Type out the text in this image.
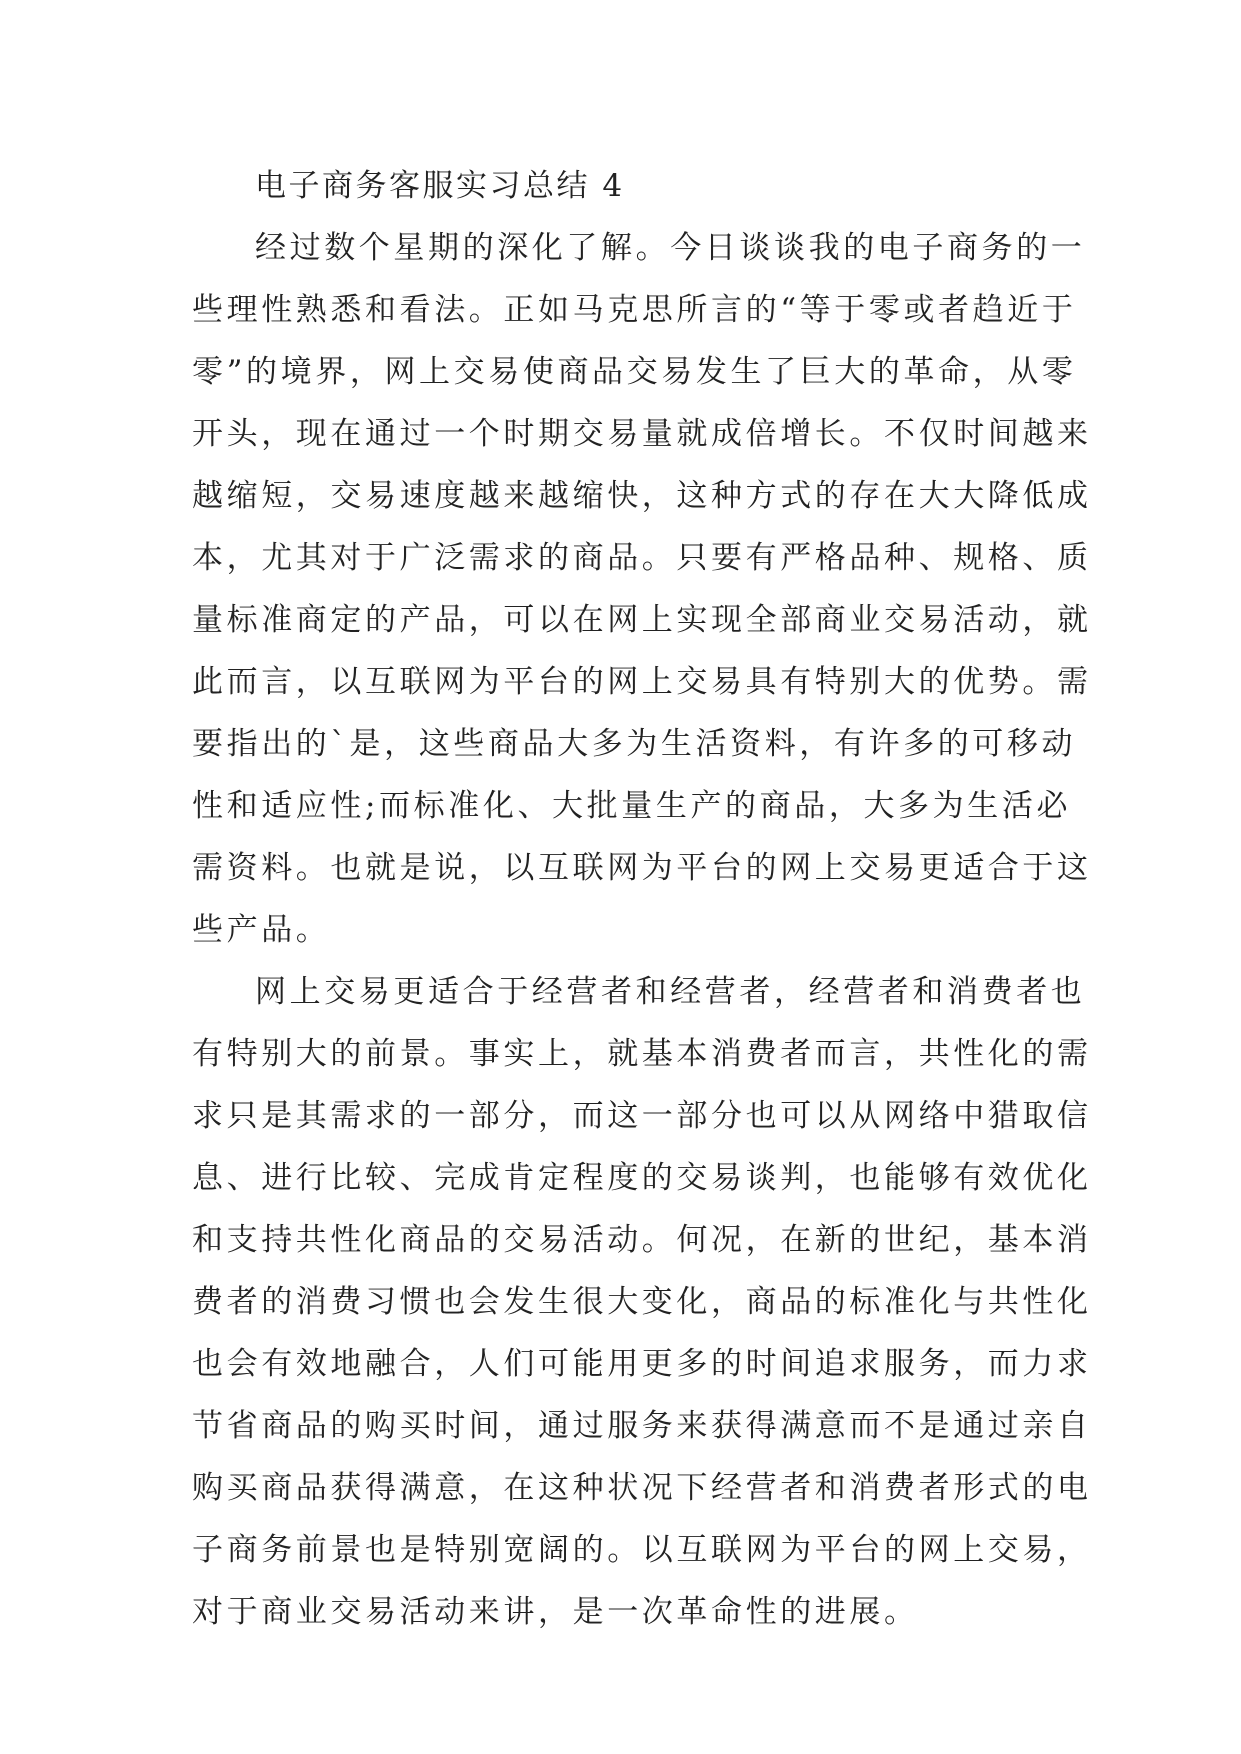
电子商务客服实习总结 4
经过数个星期的深化了解。今日谈谈我的电子商务的一
些理性熟悉和看法。正如马克思所言的“等于零或者趋近于
零”的境界，网上交易使商品交易发生了巨大的革命，从零
开头，现在通过一个时期交易量就成倍增长。不仅时间越来
越缩短，交易速度越来越缩快，这种方式的存在大大降低成
本，尤其对于广泛需求的商品。只要有严格品种、规格、质
量标准商定的产品，可以在网上实现全部商业交易活动，就
此而言，以互联网为平台的网上交易具有特别大的优势。需
要指出的`是，这些商品大多为生活资料，有许多的可移动
性和适应性;而标准化、大批量生产的商品，大多为生活必
需资料。也就是说，以互联网为平台的网上交易更适合于这
些产品。
网上交易更适合于经营者和经营者，经营者和消费者也
有特别大的前景。事实上，就基本消费者而言，共性化的需
求只是其需求的一部分，而这一部分也可以从网络中猎取信
息、进行比较、完成肯定程度的交易谈判，也能够有效优化
和支持共性化商品的交易活动。何况，在新的世纪，基本消
费者的消费习惯也会发生很大变化，商品的标准化与共性化
也会有效地融合，人们可能用更多的时间追求服务，而力求
节省商品的购买时间，通过服务来获得满意而不是通过亲自
购买商品获得满意，在这种状况下经营者和消费者形式的电
子商务前景也是特别宽阔的。以互联网为平台的网上交易，
对于商业交易活动来讲，是一次革命性的进展。
